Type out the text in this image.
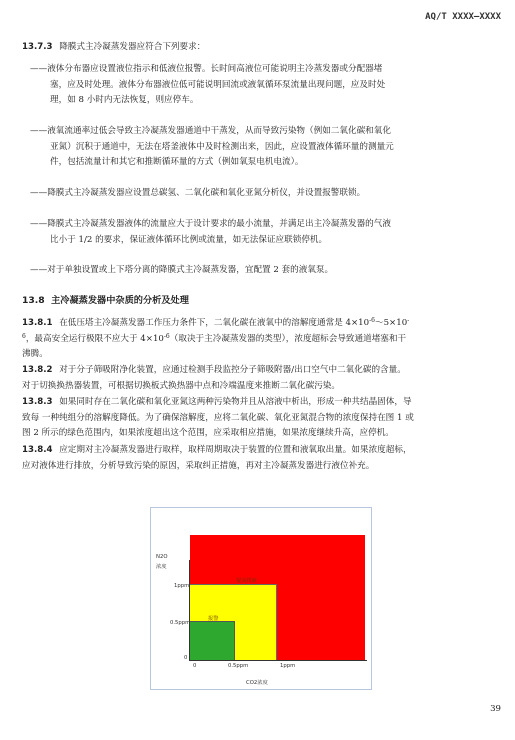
AQ/T XXXX—XXXX
13.7.3 降膜式主冷凝蒸发器应符合下列要求：
——液体分布器应设置液位指示和低液位报警。长时间高液位可能说明主冷蒸发器或分配器堵

塞，应及时处理。液体分布器液位低可能说明回流或液氧循环泵流量出现问题，应及时处
理，如 8 小时内无法恢复，则应停车。
——液氧流通率过低会导致主冷凝蒸发器通道中干蒸发，从而导致污染物（例如二氧化碳和氧化

亚氮）沉积于通道中，无法在塔釜液体中及时检测出来，因此，应设置液体循环量的测量元
件，包括流量计和其它和推断循环量的方式（例如氧泵电机电流）。
——降膜式主冷凝蒸发器应设置总碳氢、二氧化碳和氧化亚氮分析仪，并设置报警联锁。
——降膜式主冷凝蒸发器液体的流量应大于设计要求的最小流量，并满足出主冷凝蒸发器的气液

比小于 1/2 的要求，保证液体循环比例或流量，如无法保证应联锁停机。
——对于单独设置或上下塔分离的降膜式主冷凝蒸发器，宜配置 2 套的液氧泵。
13.8 主冷凝蒸发器中杂质的分析及处理
13.8.1 在低压塔主冷凝蒸发器工作压力条件下，二氧化碳在液氧中的溶解度通常是 $4\times 10^{-6}\sim 5\times 10^-$
$^6$，最高安全运行极限不应大于 $4\times 10^{-6}$（取决于主冷凝蒸发器的类型），浓度超标会导致通道堵塞和干
沸腾。
13.8.2 对于分子筛吸附净化装置，应通过检测手段监控分子筛吸附器/出口空气中二氧化碳的含量。
对于切换换热器装置，可根据切换板式换热器中点和冷端温度来推断二氧化碳污染。
13.8.3 如果同时存在二氧化碳和氧化亚氮这两种污染物并且从溶液中析出，形成一种共结晶固体，导
致每 一种纯组分的溶解度降低。为了确保溶解度，应将二氧化碳、氧化亚氮混合物的浓度保持在图 1 或
图 2 所示的绿色范围内，如果浓度超出这个范围，应采取相应措施，如果浓度继续升高，应停机。
13.8.4 应定期对主冷凝蒸发器进行取样，取样周期取决于装置的位置和液氧取出量。如果浓度超标，
应对液体进行排放，分析导致污染的原因，采取纠正措施，再对主冷凝蒸发器进行液位补充。
N2O
浓度
1ppm
0.5ppm
0
0	0.5ppm	1ppm
CO2浓度
提高排液
报警
39
